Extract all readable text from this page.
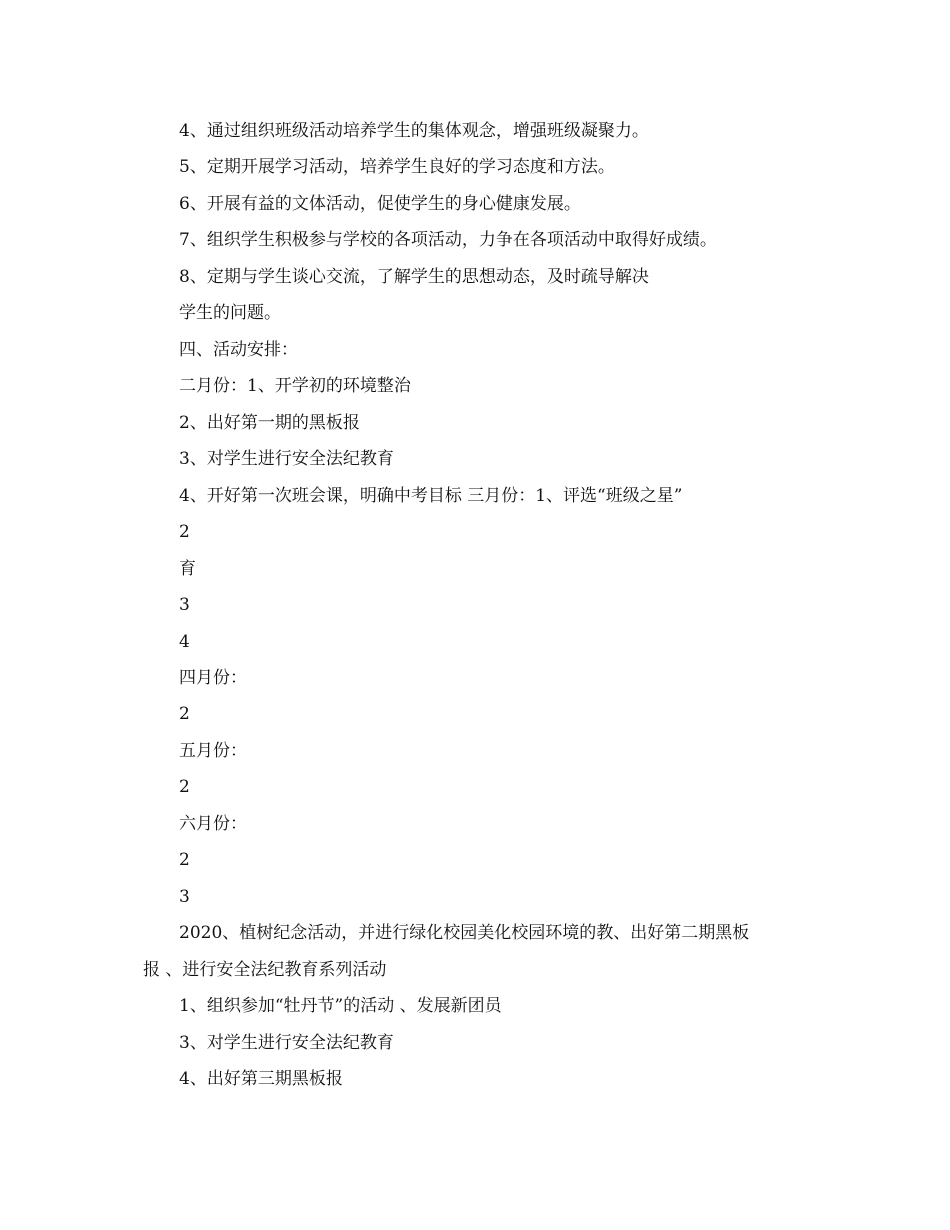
4、通过组织班级活动培养学生的集体观念，增强班级凝聚力。
5、定期开展学习活动，培养学生良好的学习态度和方法。
6、开展有益的文体活动，促使学生的身心健康发展。
7、组织学生积极参与学校的各项活动，力争在各项活动中取得好成绩。
8、定期与学生谈心交流，了解学生的思想动态，及时疏导解决
学生的问题。
四、活动安排：
二月份：1、开学初的环境整治
2、出好第一期的黑板报
3、对学生进行安全法纪教育
4、开好第一次班会课，明确中考目标 三月份：1、评选“班级之星”
2
育
3
4
四月份：
2
五月份：
2
六月份：
2
3
2020、植树纪念活动，并进行绿化校园美化校园环境的教、出好第二期黑板
报 、进行安全法纪教育系列活动
1、组织参加“牡丹节”的活动 、发展新团员
3、对学生进行安全法纪教育
4、出好第三期黑板报
